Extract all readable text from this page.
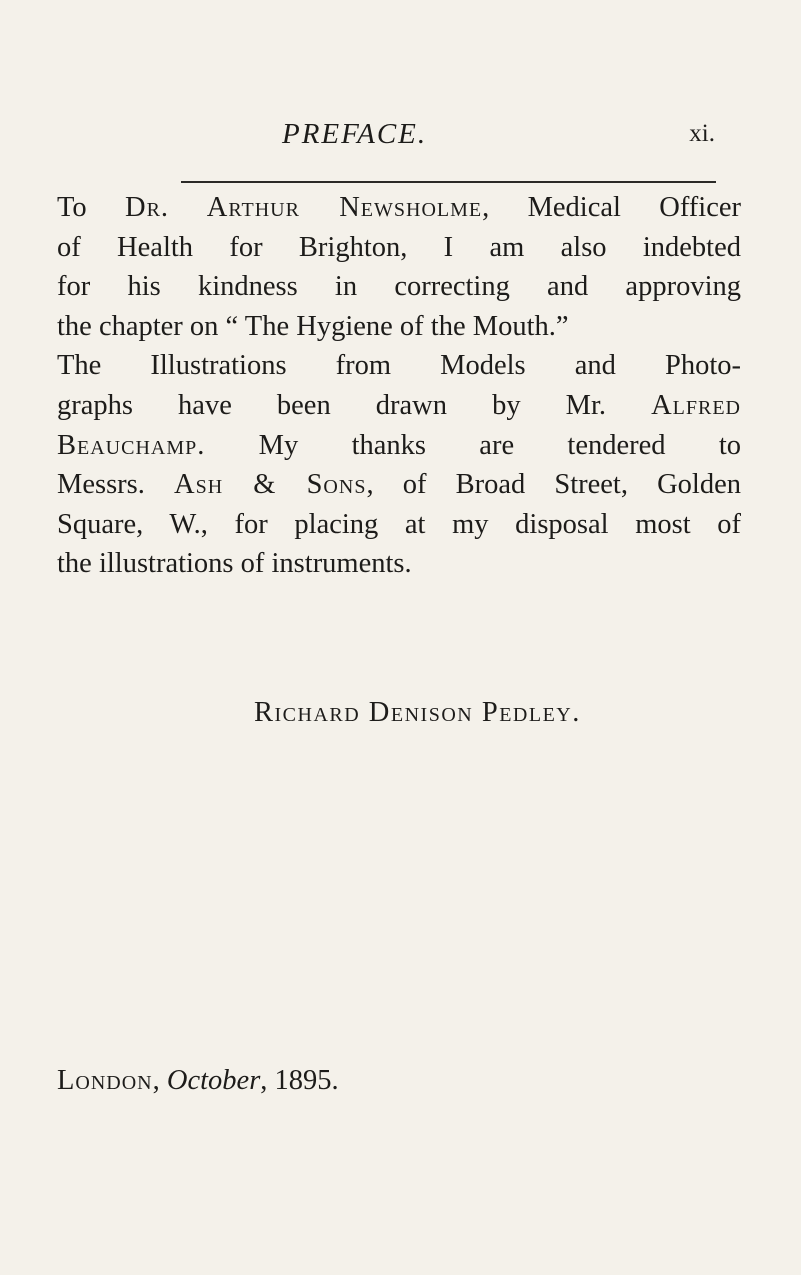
PREFACE.	xi.
To Dr. Arthur Newsholme, Medical Officer
of Health for Brighton, I am also indebted
for his kindness in correcting and approving
the chapter on “ The Hygiene of the Mouth.”
The Illustrations from Models and Photo-
graphs have been drawn by Mr. Alfred
Beauchamp. My thanks are tendered to
Messrs. Ash & Sons, of Broad Street, Golden
Square, W., for placing at my disposal most of
the illustrations of instruments.
Richard Denison Pedley.
London, October, 1895.
